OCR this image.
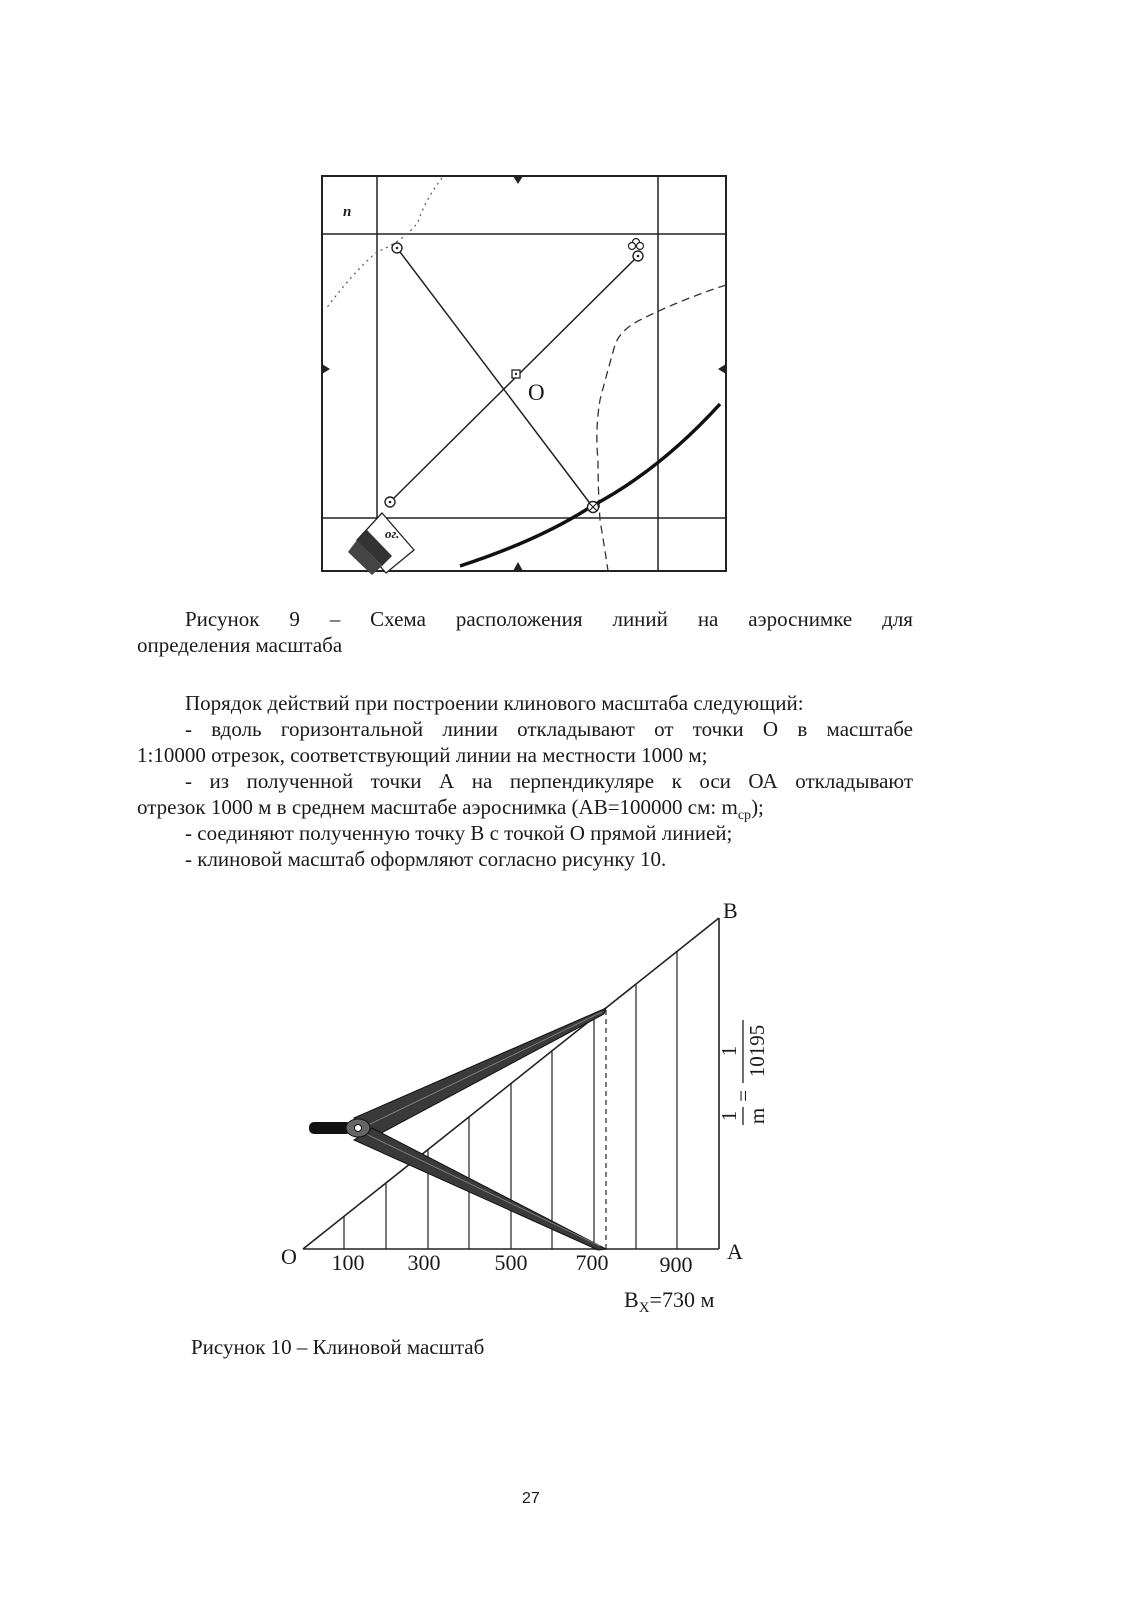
п
ог.
О
Рисунок 9 – Схема расположения линий на аэроснимке для
определения масштаба
Порядок действий при построении клинового масштаба следующий:
- вдоль горизонтальной линии откладывают от точки О в масштабе
1:10000 отрезок, соответствующий линии на местности 1000 м;
- из полученной точки А на перпендикуляре к оси ОА откладывают
отрезок 1000 м в среднем масштабе аэроснимка (АВ=100000 см: $m_{ср}$);
- соединяют полученную точку В с точкой О прямой линией;
- клиновой масштаб оформляют согласно рисунку 10.
B
O	A
100 300 500 700 900
$B_X=730$ м
1 m
=
1 10195
Рисунок 10 – Клиновой масштаб
27
